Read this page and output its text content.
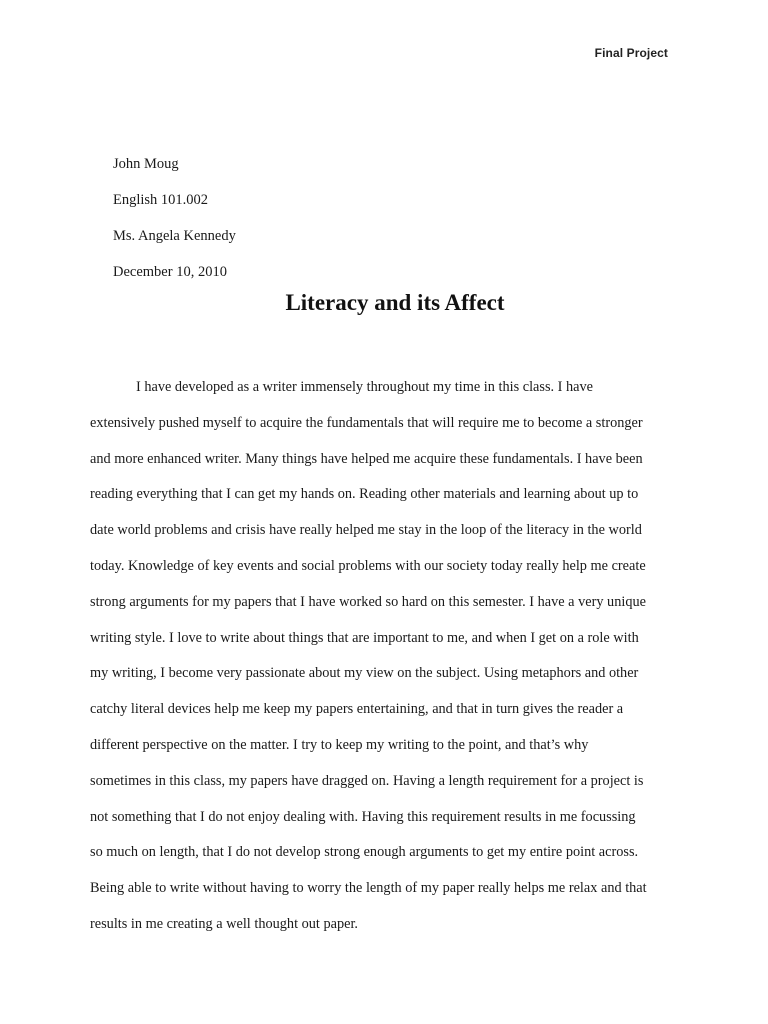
Final Project
John Moug
English 101.002
Ms. Angela Kennedy
December 10, 2010
Literacy and its Affect
I have developed as a writer immensely throughout my time in this class. I have
extensively pushed myself to acquire the fundamentals that will require me to become a stronger
and more enhanced writer. Many things have helped me acquire these fundamentals. I have been
reading everything that I can get my hands on. Reading other materials and learning about up to
date world problems and crisis have really helped me stay in the loop of the literacy in the world
today. Knowledge of key events and social problems with our society today really help me create
strong arguments for my papers that I have worked so hard on this semester. I have a very unique
writing style. I love to write about things that are important to me, and when I get on a role with
my writing, I become very passionate about my view on the subject. Using metaphors and other
catchy literal devices help me keep my papers entertaining, and that in turn gives the reader a
different perspective on the matter. I try to keep my writing to the point, and that’s why
sometimes in this class, my papers have dragged on. Having a length requirement for a project is
not something that I do not enjoy dealing with. Having this requirement results in me focussing
so much on length, that I do not develop strong enough arguments to get my entire point across.
Being able to write without having to worry the length of my paper really helps me relax and that
results in me creating a well thought out paper.
